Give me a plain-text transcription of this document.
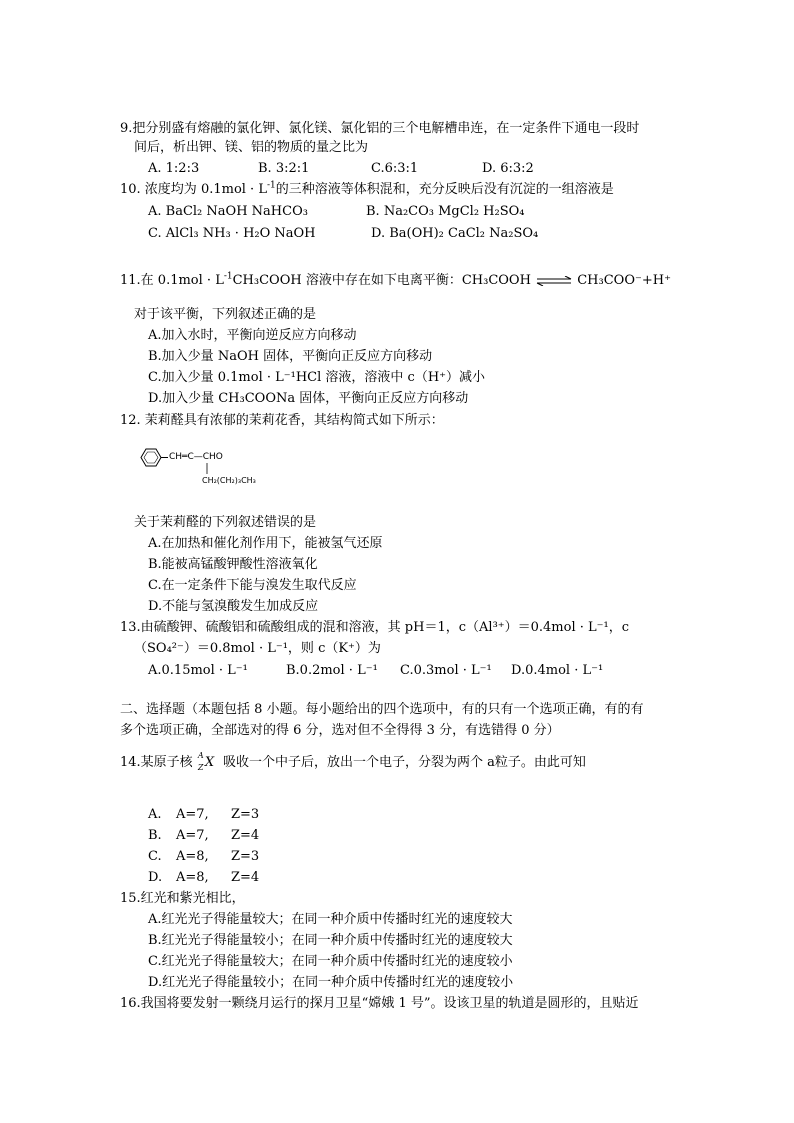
9.把分别盛有熔融的氯化钾、氯化镁、氯化铝的三个电解槽串连，在一定条件下通电一段时
间后，析出钾、镁、铝的物质的量之比为
A. 1:2:3	B. 3:2:1	C.6:3:1	D. 6:3:2
10. 浓度均为 $0.1mol \cdot L^{-1}$的三种溶液等体积混和，充分反映后没有沉淀的一组溶液是
A. BaCl₂ NaOH NaHCO₃	B. Na₂CO₃ MgCl₂ H₂SO₄
C. AlCl₃ NH₃ · H₂O NaOH	D. Ba(OH)₂ CaCl₂ Na₂SO₄
11.在 $0.1mol \cdot L^{-1}CH_3COOH$ 溶液中存在如下电离平衡：CH₃COOH ⇌ CH₃COO⁻+H⁺
对于该平衡，下列叙述正确的是
A.加入水时，平衡向逆反应方向移动
B.加入少量 NaOH 固体，平衡向正反应方向移动
C.加入少量 0.1mol · L⁻¹HCl 溶液，溶液中 c（H⁺）减小
D.加入少量 CH₃COONa 固体，平衡向正反应方向移动
12. 茉莉醛具有浓郁的茉莉花香，其结构简式如下所示：
CH═C—CHO
CH₂(CH₂)₃CH₃
关于茉莉醛的下列叙述错误的是
A.在加热和催化剂作用下，能被氢气还原
B.能被高锰酸钾酸性溶液氧化
C.在一定条件下能与溴发生取代反应
D.不能与氢溴酸发生加成反应
13.由硫酸钾、硫酸铝和硫酸组成的混和溶液，其 pH＝1，c（Al³⁺）＝0.4mol · L⁻¹，c
（SO₄²⁻）＝0.8mol · L⁻¹，则 c（K⁺）为
A.0.15mol · L⁻¹	B.0.2mol · L⁻¹ C.0.3mol · L⁻¹ D.0.4mol · L⁻¹
二、选择题（本题包括 8 小题。每小题给出的四个选项中，有的只有一个选项正确，有的有
多个选项正确，全部选对的得 6 分，选对但不全得得 3 分，有选错得 0 分）
14.某原子核 A
Z X 吸收一个中子后，放出一个电子，分裂为两个 a粒子。由此可知
A. A=7, Z=3
B. A=7, Z=4
C. A=8, Z=3
D. A=8, Z=4
15.红光和紫光相比，
A.红光光子得能量较大；在同一种介质中传播时红光的速度较大
B.红光光子得能量较小；在同一种介质中传播时红光的速度较大
C.红光光子得能量较大；在同一种介质中传播时红光的速度较小
D.红光光子得能量较小；在同一种介质中传播时红光的速度较小
16.我国将要发射一颗绕月运行的探月卫星“嫦娥 1 号”。设该卫星的轨道是圆形的，且贴近
